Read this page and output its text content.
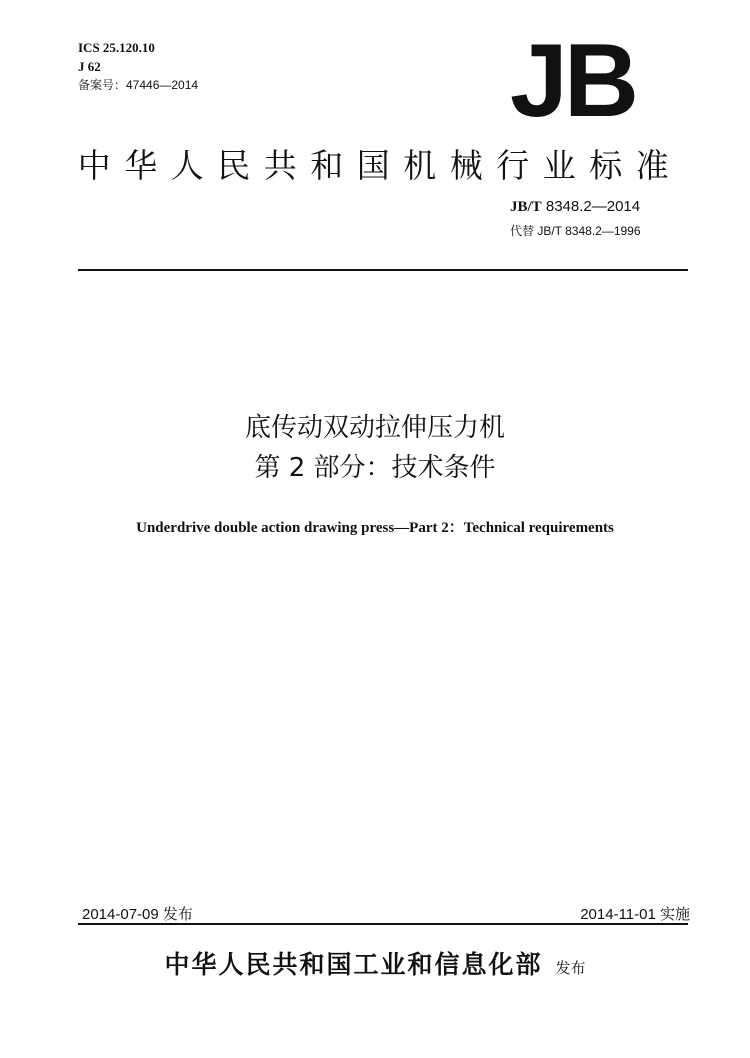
ICS 25.120.10
J 62
备案号：47446—2014	JB
中华人民共和国机械行业标准
JB/T 8348.2—2014
代替 JB/T 8348.2—1996
底传动双动拉伸压力机
第 2 部分：技术条件
Underdrive double action drawing press—Part 2：Technical requirements
2014-07-09 发布	2014-11-01 实施
中华人民共和国工业和信息化部 发布
